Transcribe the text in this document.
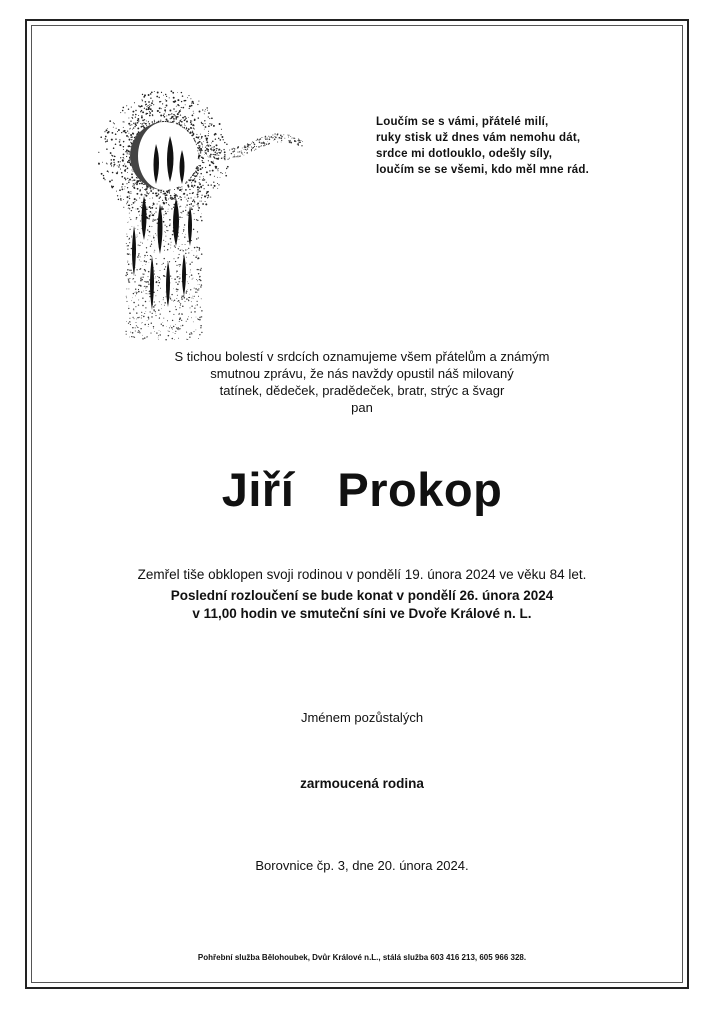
Loučím se s vámi, přátelé milí,
ruky stisk už dnes vám nemohu dát,
srdce mi dotlouklo, odešly síly,
loučím se se všemi, kdo měl mne rád.
S tichou bolestí v srdcích oznamujeme všem přátelům a známým
smutnou zprávu, že nás navždy opustil náš milovaný
tatínek, dědeček, pradědeček, bratr, strýc a švagr
pan
Jiří  Prokop
Zemřel tiše obklopen svoji rodinou v pondělí 19. února 2024 ve věku 84 let.
Poslední rozloučení se bude konat v pondělí 26. února 2024
v 11,00 hodin ve smuteční síni ve Dvoře Králové n. L.
Jménem pozůstalých
zarmoucená rodina
Borovnice čp. 3, dne 20. února 2024.
Pohřební služba Bělohoubek, Dvůr Králové n.L., stálá služba 603 416 213, 605 966 328.
